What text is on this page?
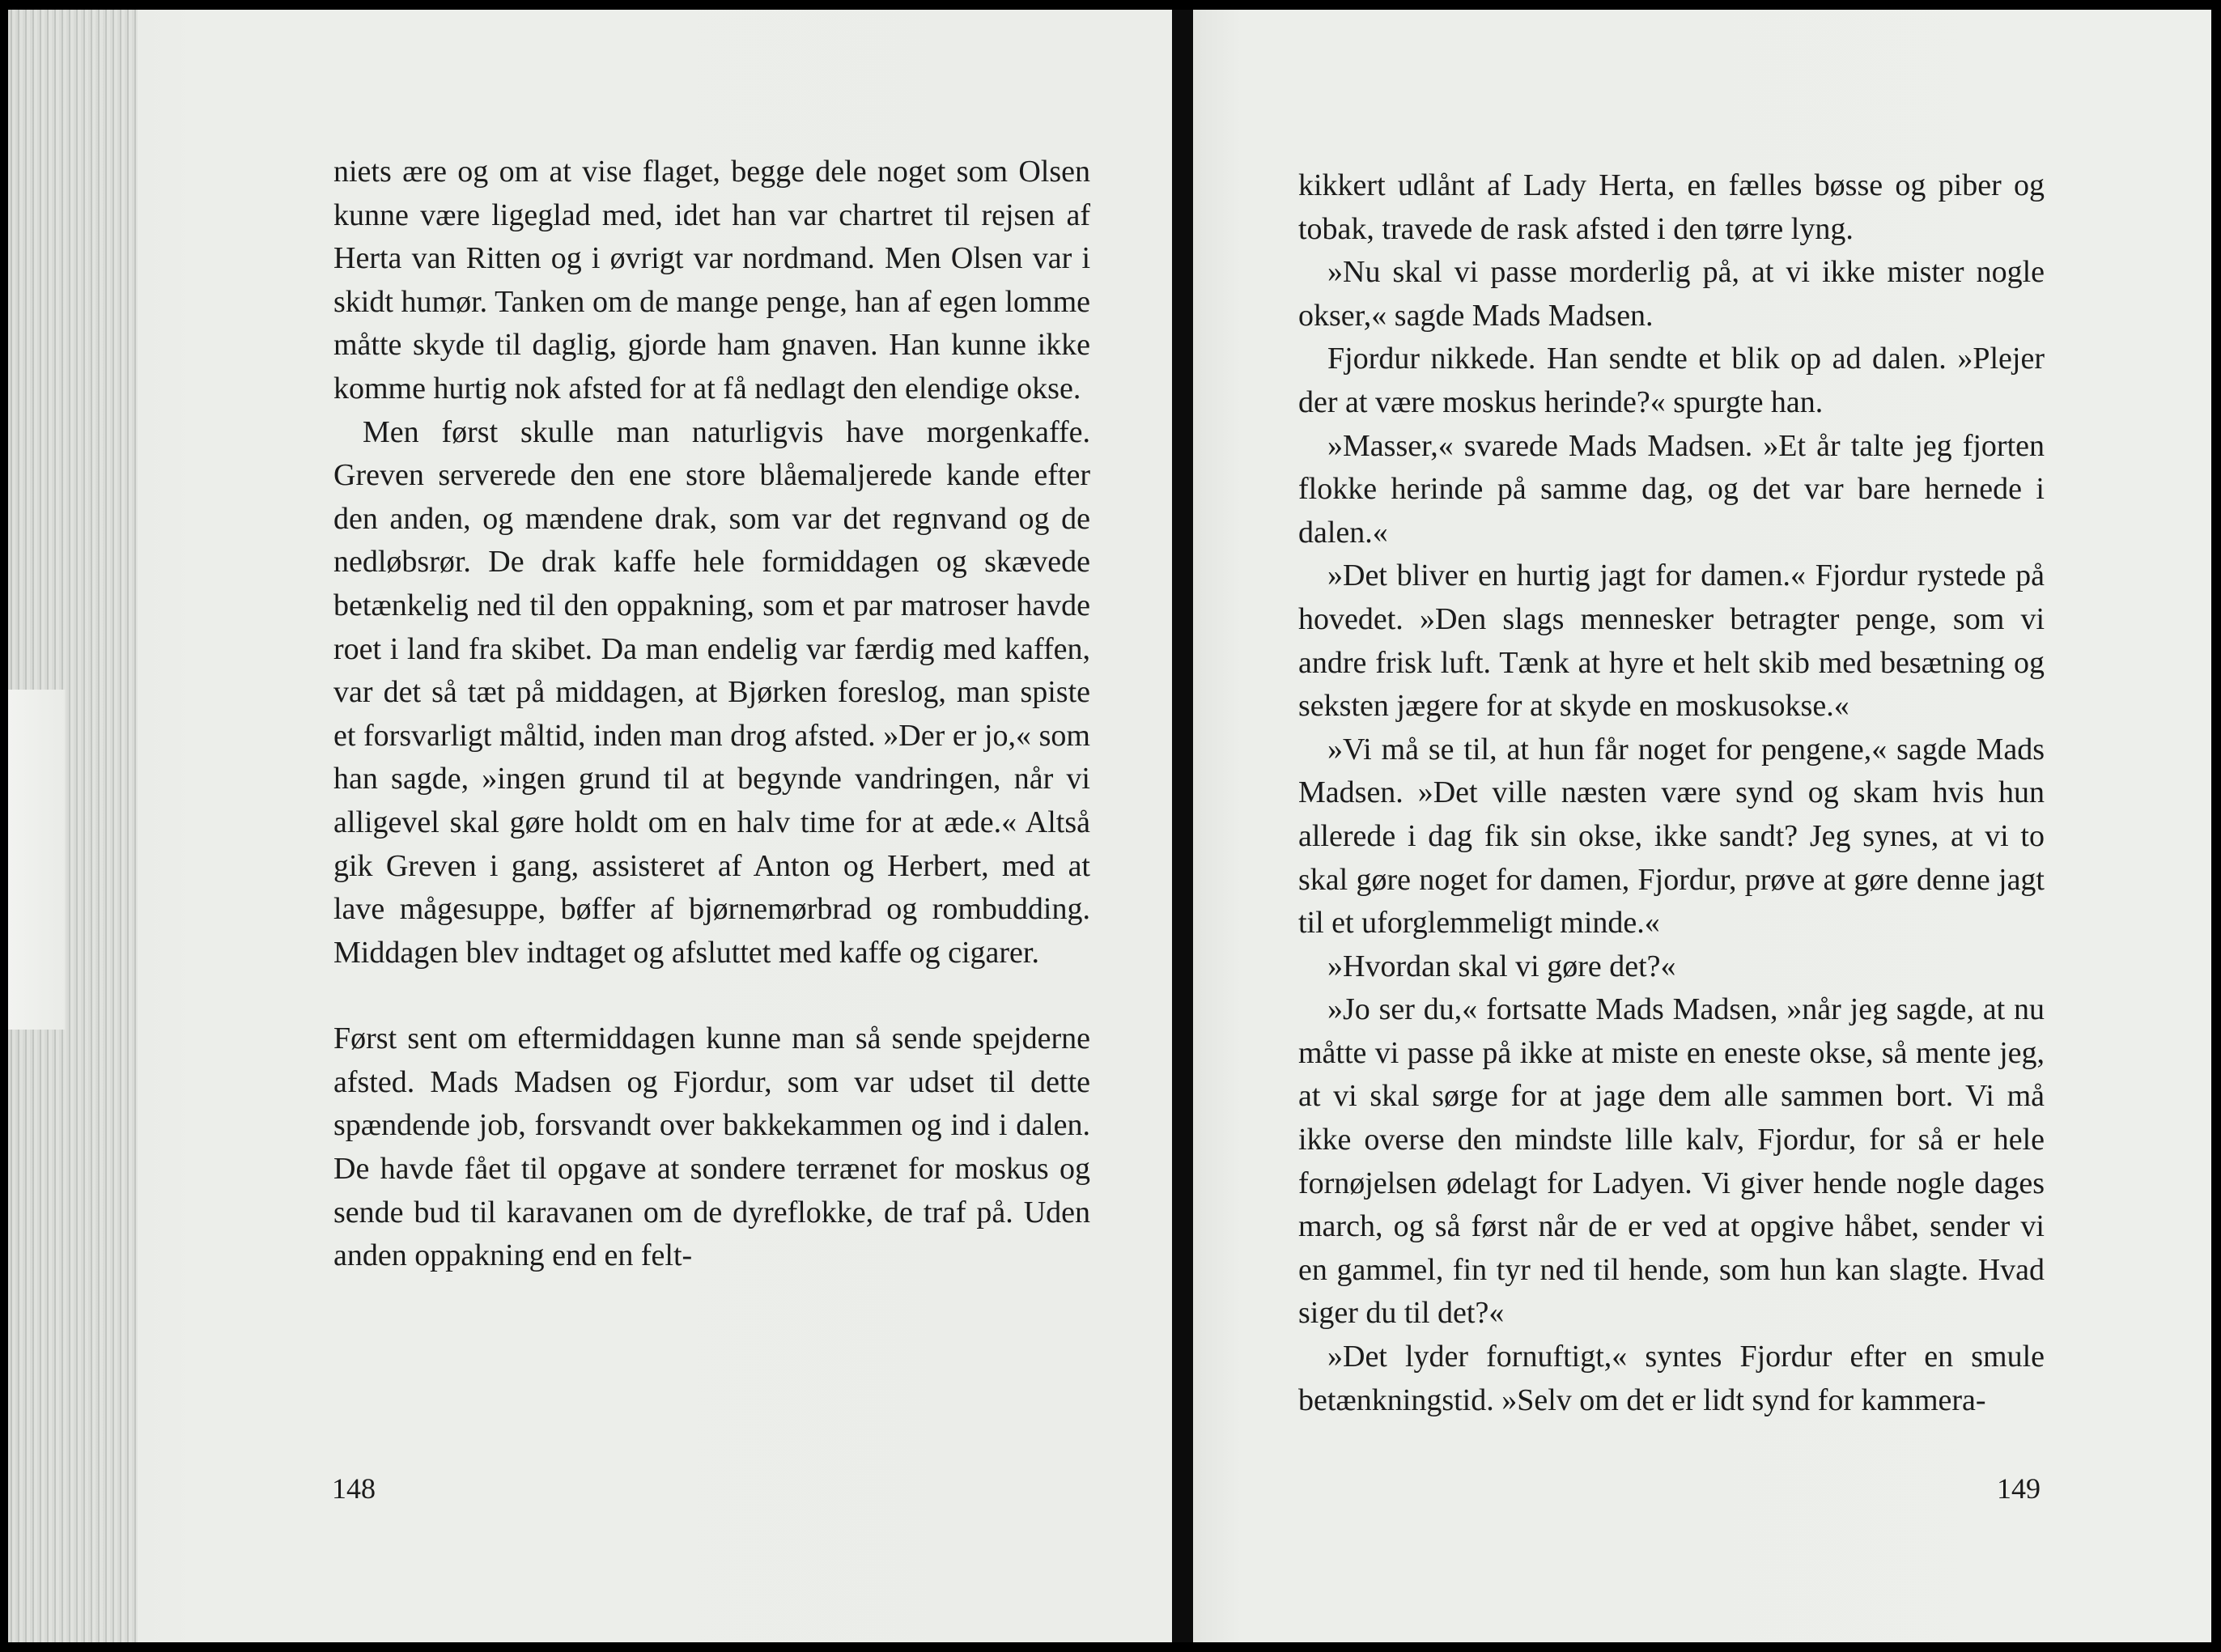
niets ære og om at vise flaget, begge dele noget som Olsen kunne være ligeglad med, idet han var chartret til rejsen af Herta van Ritten og i øvrigt var nordmand. Men Olsen var i skidt humør. Tanken om de mange penge, han af egen lomme måtte skyde til daglig, gjorde ham gnaven. Han kunne ikke komme hurtig nok afsted for at få nedlagt den elendige okse.

Men først skulle man naturligvis have morgenkaffe. Greven serverede den ene store blåemaljerede kande efter den anden, og mændene drak, som var det regnvand og de nedløbsrør. De drak kaffe hele formiddagen og skævede betænkelig ned til den oppakning, som et par matroser havde roet i land fra skibet. Da man endelig var færdig med kaffen, var det så tæt på middagen, at Bjørken foreslog, man spiste et forsvarligt måltid, inden man drog afsted. »Der er jo,« som han sagde, »ingen grund til at begynde vandringen, når vi alligevel skal gøre holdt om en halv time for at æde.« Altså gik Greven i gang, assisteret af Anton og Herbert, med at lave mågesuppe, bøffer af bjørnemørbrad og rombudding. Middagen blev indtaget og afsluttet med kaffe og cigarer.

Først sent om eftermiddagen kunne man så sende spejderne afsted. Mads Madsen og Fjordur, som var udset til dette spændende job, forsvandt over bakkekammen og ind i dalen. De havde fået til opgave at sondere terrænet for moskus og sende bud til karavanen om de dyreflokke, de traf på. Uden anden oppakning end en felt-

148

kikkert udlånt af Lady Herta, en fælles bøsse og piber og tobak, travede de rask afsted i den tørre lyng.

»Nu skal vi passe morderlig på, at vi ikke mister nogle okser,« sagde Mads Madsen.

Fjordur nikkede. Han sendte et blik op ad dalen. »Plejer der at være moskus herinde?« spurgte han.

»Masser,« svarede Mads Madsen. »Et år talte jeg fjorten flokke herinde på samme dag, og det var bare hernede i dalen.«

»Det bliver en hurtig jagt for damen.« Fjordur rystede på hovedet. »Den slags mennesker betragter penge, som vi andre frisk luft. Tænk at hyre et helt skib med besætning og seksten jægere for at skyde en moskusokse.«

»Vi må se til, at hun får noget for pengene,« sagde Mads Madsen. »Det ville næsten være synd og skam hvis hun allerede i dag fik sin okse, ikke sandt? Jeg synes, at vi to skal gøre noget for damen, Fjordur, prøve at gøre denne jagt til et uforglemmeligt minde.«

»Hvordan skal vi gøre det?«

»Jo ser du,« fortsatte Mads Madsen, »når jeg sagde, at nu måtte vi passe på ikke at miste en eneste okse, så mente jeg, at vi skal sørge for at jage dem alle sammen bort. Vi må ikke overse den mindste lille kalv, Fjordur, for så er hele fornøjelsen ødelagt for Ladyen. Vi giver hende nogle dages march, og så først når de er ved at opgive håbet, sender vi en gammel, fin tyr ned til hende, som hun kan slagte. Hvad siger du til det?«

»Det lyder fornuftigt,« syntes Fjordur efter en smule betænkningstid. »Selv om det er lidt synd for kammera-

149
